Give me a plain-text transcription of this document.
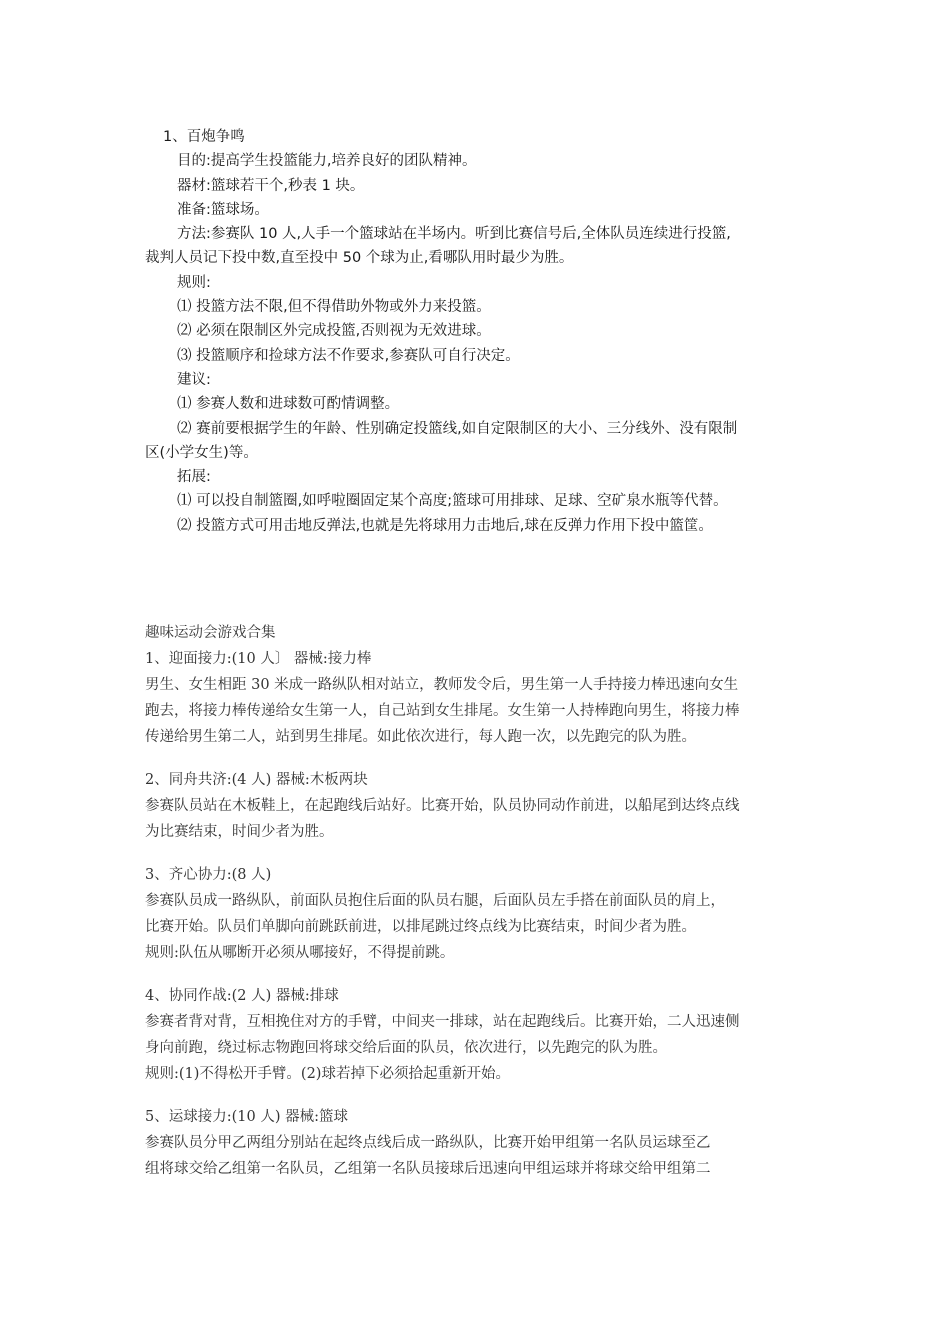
1、百炮争鸣
目的:提高学生投篮能力,培养良好的团队精神。
器材:篮球若干个,秒表 1 块。
准备:篮球场。
方法:参赛队 10 人,人手一个篮球站在半场内。听到比赛信号后,全体队员连续进行投篮,
裁判人员记下投中数,直至投中 50 个球为止,看哪队用时最少为胜。
规则:
⑴ 投篮方法不限,但不得借助外物或外力来投篮。
⑵ 必须在限制区外完成投篮,否则视为无效进球。
⑶ 投篮顺序和捡球方法不作要求,参赛队可自行决定。
建议:
⑴ 参赛人数和进球数可酌情调整。
⑵ 赛前要根据学生的年龄、性别确定投篮线,如自定限制区的大小、三分线外、没有限制
区(小学女生)等。
拓展:
⑴ 可以投自制篮圈,如呼啦圈固定某个高度;篮球可用排球、足球、空矿泉水瓶等代替。
⑵ 投篮方式可用击地反弹法,也就是先将球用力击地后,球在反弹力作用下投中篮筐。
趣味运动会游戏合集
1、迎面接力:(10 人〕 器械:接力棒
男生、女生相距 30 米成一路纵队相对站立，教师发令后，男生第一人手持接力棒迅速向女生
跑去，将接力棒传递给女生第一人，自己站到女生排尾。女生第一人持棒跑向男生，将接力棒
传递给男生第二人，站到男生排尾。如此依次进行，每人跑一次，以先跑完的队为胜。
2、同舟共济:(4 人) 器械:木板两块
参赛队员站在木板鞋上，在起跑线后站好。比赛开始，队员协同动作前进，以船尾到达终点线
为比赛结束，时间少者为胜。
3、齐心协力:(8 人)
参赛队员成一路纵队，前面队员抱住后面的队员右腿，后面队员左手搭在前面队员的肩上，
比赛开始。队员们单脚向前跳跃前进，以排尾跳过终点线为比赛结束，时间少者为胜。
规则:队伍从哪断开必须从哪接好，不得提前跳。
4、协同作战:(2 人) 器械:排球
参赛者背对背，互相挽住对方的手臂，中间夹一排球，站在起跑线后。比赛开始，二人迅速侧
身向前跑，绕过标志物跑回将球交给后面的队员，依次进行，以先跑完的队为胜。
规则:(1)不得松开手臂。(2)球若掉下必须拾起重新开始。
5、运球接力:(10 人) 器械:篮球
参赛队员分甲乙两组分别站在起终点线后成一路纵队，比赛开始甲组第一名队员运球至乙
组将球交给乙组第一名队员，乙组第一名队员接球后迅速向甲组运球并将球交给甲组第二
